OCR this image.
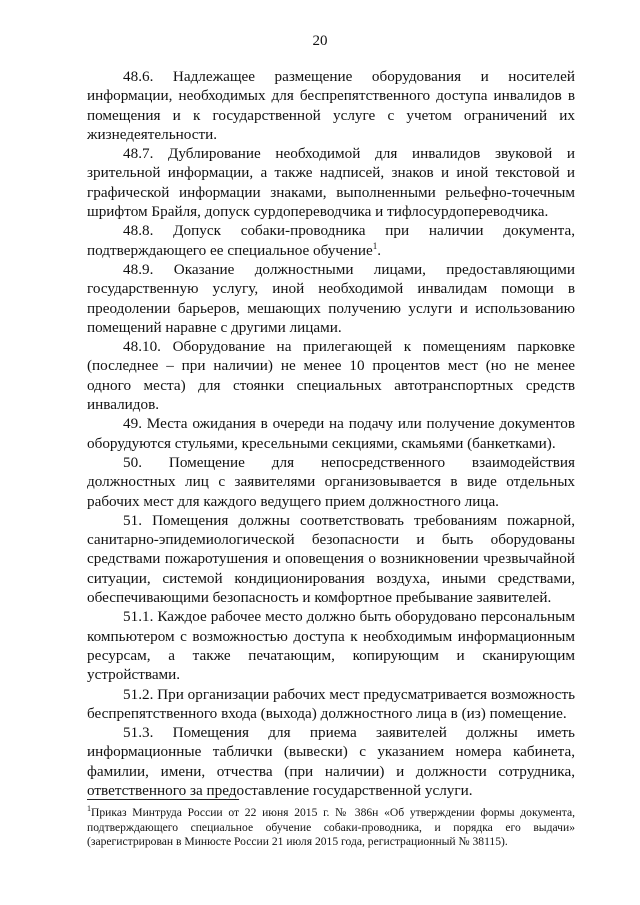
20

48.6. Надлежащее размещение оборудования и носителей информации, необходимых для беспрепятственного доступа инвалидов в помещения и к государственной услуге с учетом ограничений их жизнедеятельности.

48.7. Дублирование необходимой для инвалидов звуковой и зрительной информации, а также надписей, знаков и иной текстовой и графической информации знаками, выполненными рельефно-точечным шрифтом Брайля, допуск сурдопереводчика и тифлосурдопереводчика.

48.8. Допуск собаки-проводника при наличии документа, подтверждающего ее специальное обучение$^1$.

48.9. Оказание должностными лицами, предоставляющими государственную услугу, иной необходимой инвалидам помощи в преодолении барьеров, мешающих получению услуги и использованию помещений наравне с другими лицами.

48.10. Оборудование на прилегающей к помещениям парковке (последнее – при наличии) не менее 10 процентов мест (но не менее одного места) для стоянки специальных автотранспортных средств инвалидов.

49. Места ожидания в очереди на подачу или получение документов оборудуются стульями, кресельными секциями, скамьями (банкетками).

50. Помещение для непосредственного взаимодействия должностных лиц с заявителями организовывается в виде отдельных рабочих мест для каждого ведущего прием должностного лица.

51. Помещения должны соответствовать требованиям пожарной, санитарно-эпидемиологической безопасности и быть оборудованы средствами пожаротушения и оповещения о возникновении чрезвычайной ситуации, системой кондиционирования воздуха, иными средствами, обеспечивающими безопасность и комфортное пребывание заявителей.

51.1. Каждое рабочее место должно быть оборудовано персональным компьютером с возможностью доступа к необходимым информационным ресурсам, а также печатающим, копирующим и сканирующим устройствами.

51.2. При организации рабочих мест предусматривается возможность беспрепятственного входа (выхода) должностного лица в (из) помещение.

51.3. Помещения для приема заявителей должны иметь информационные таблички (вывески) с указанием номера кабинета, фамилии, имени, отчества (при наличии) и должности сотрудника, ответственного за предоставление государственной услуги.

$^1$Приказ Минтруда России от 22 июня 2015 г. № 386н «Об утверждении формы документа, подтверждающего специальное обучение собаки-проводника, и порядка его выдачи» (зарегистрирован в Минюсте России 21 июля 2015 года, регистрационный № 38115).
